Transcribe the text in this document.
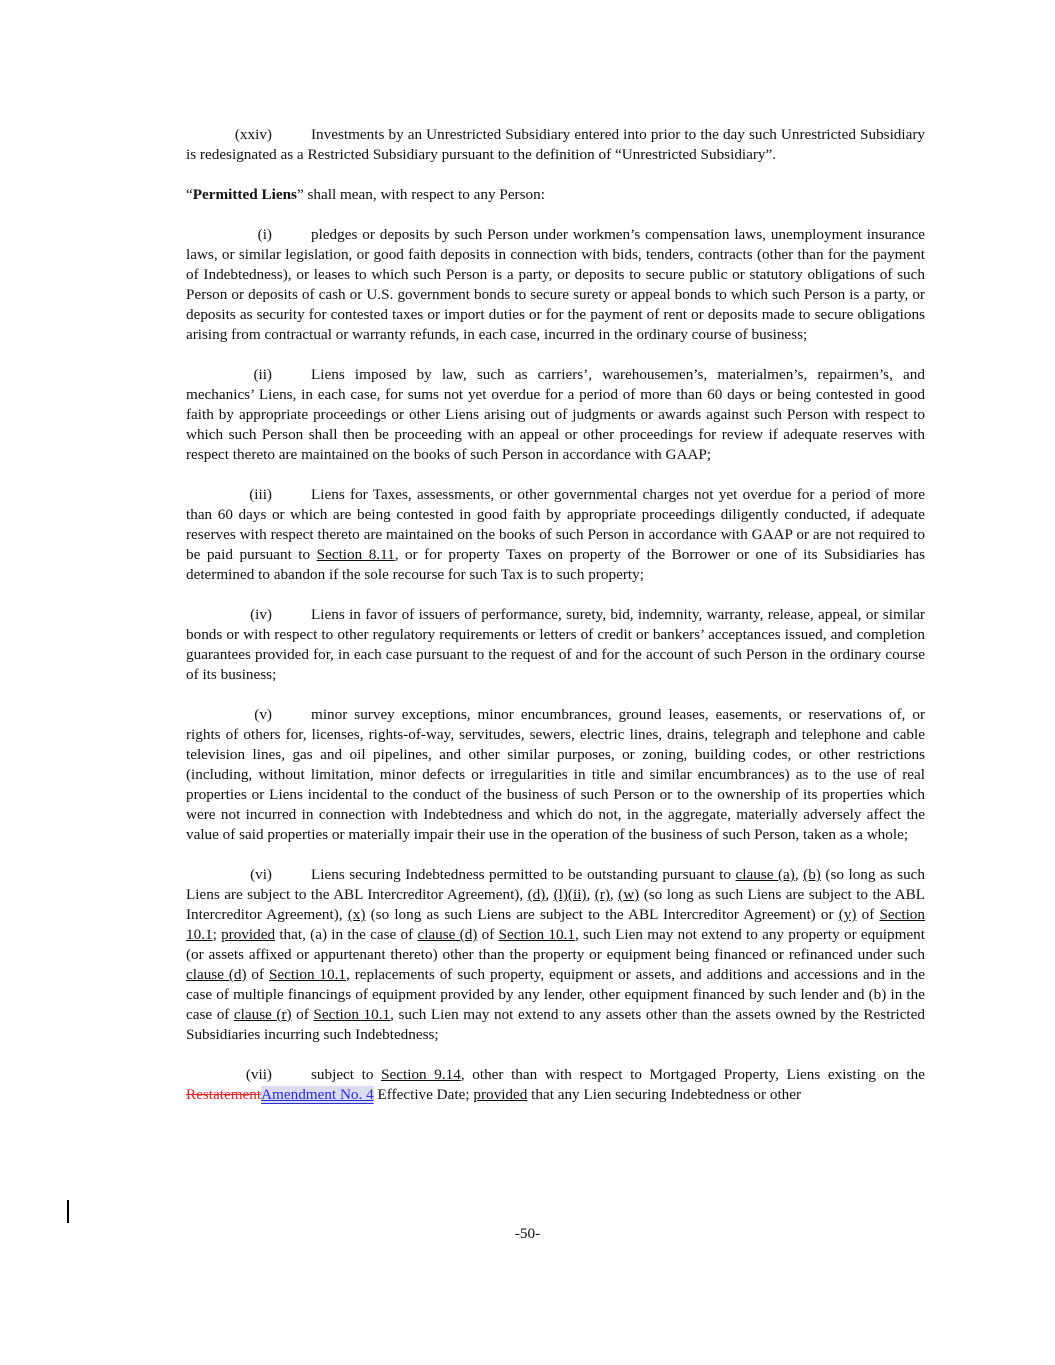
(xxiv)	Investments by an Unrestricted Subsidiary entered into prior to the day such Unrestricted Subsidiary is redesignated as a Restricted Subsidiary pursuant to the definition of “Unrestricted Subsidiary”.

“Permitted Liens” shall mean, with respect to any Person:

(i)	pledges or deposits by such Person under workmen’s compensation laws, unemployment insurance laws, or similar legislation, or good faith deposits in connection with bids, tenders, contracts (other than for the payment of Indebtedness), or leases to which such Person is a party, or deposits to secure public or statutory obligations of such Person or deposits of cash or U.S. government bonds to secure surety or appeal bonds to which such Person is a party, or deposits as security for contested taxes or import duties or for the payment of rent or deposits made to secure obligations arising from contractual or warranty refunds, in each case, incurred in the ordinary course of business;

(ii)	Liens imposed by law, such as carriers’, warehousemen’s, materialmen’s, repairmen’s, and mechanics’ Liens, in each case, for sums not yet overdue for a period of more than 60 days or being contested in good faith by appropriate proceedings or other Liens arising out of judgments or awards against such Person with respect to which such Person shall then be proceeding with an appeal or other proceedings for review if adequate reserves with respect thereto are maintained on the books of such Person in accordance with GAAP;

(iii)	Liens for Taxes, assessments, or other governmental charges not yet overdue for a period of more than 60 days or which are being contested in good faith by appropriate proceedings diligently conducted, if adequate reserves with respect thereto are maintained on the books of such Person in accordance with GAAP or are not required to be paid pursuant to Section 8.11, or for property Taxes on property of the Borrower or one of its Subsidiaries has determined to abandon if the sole recourse for such Tax is to such property;

(iv)	Liens in favor of issuers of performance, surety, bid, indemnity, warranty, release, appeal, or similar bonds or with respect to other regulatory requirements or letters of credit or bankers’ acceptances issued, and completion guarantees provided for, in each case pursuant to the request of and for the account of such Person in the ordinary course of its business;

(v)	minor survey exceptions, minor encumbrances, ground leases, easements, or reservations of, or rights of others for, licenses, rights-of-way, servitudes, sewers, electric lines, drains, telegraph and telephone and cable television lines, gas and oil pipelines, and other similar purposes, or zoning, building codes, or other restrictions (including, without limitation, minor defects or irregularities in title and similar encumbrances) as to the use of real properties or Liens incidental to the conduct of the business of such Person or to the ownership of its properties which were not incurred in connection with Indebtedness and which do not, in the aggregate, materially adversely affect the value of said properties or materially impair their use in the operation of the business of such Person, taken as a whole;

(vi)	Liens securing Indebtedness permitted to be outstanding pursuant to clause (a), (b) (so long as such Liens are subject to the ABL Intercreditor Agreement), (d), (l)(ii), (r), (w) (so long as such Liens are subject to the ABL Intercreditor Agreement), (x) (so long as such Liens are subject to the ABL Intercreditor Agreement) or (y) of Section 10.1; provided that, (a) in the case of clause (d) of Section 10.1, such Lien may not extend to any property or equipment (or assets affixed or appurtenant thereto) other than the property or equipment being financed or refinanced under such clause (d) of Section 10.1, replacements of such property, equipment or assets, and additions and accessions and in the case of multiple financings of equipment provided by any lender, other equipment financed by such lender and (b) in the case of clause (r) of Section 10.1, such Lien may not extend to any assets other than the assets owned by the Restricted Subsidiaries incurring such Indebtedness;

(vii)	subject to Section 9.14, other than with respect to Mortgaged Property, Liens existing on the RestatementAmendment No. 4 Effective Date; provided that any Lien securing Indebtedness or other

-50-
